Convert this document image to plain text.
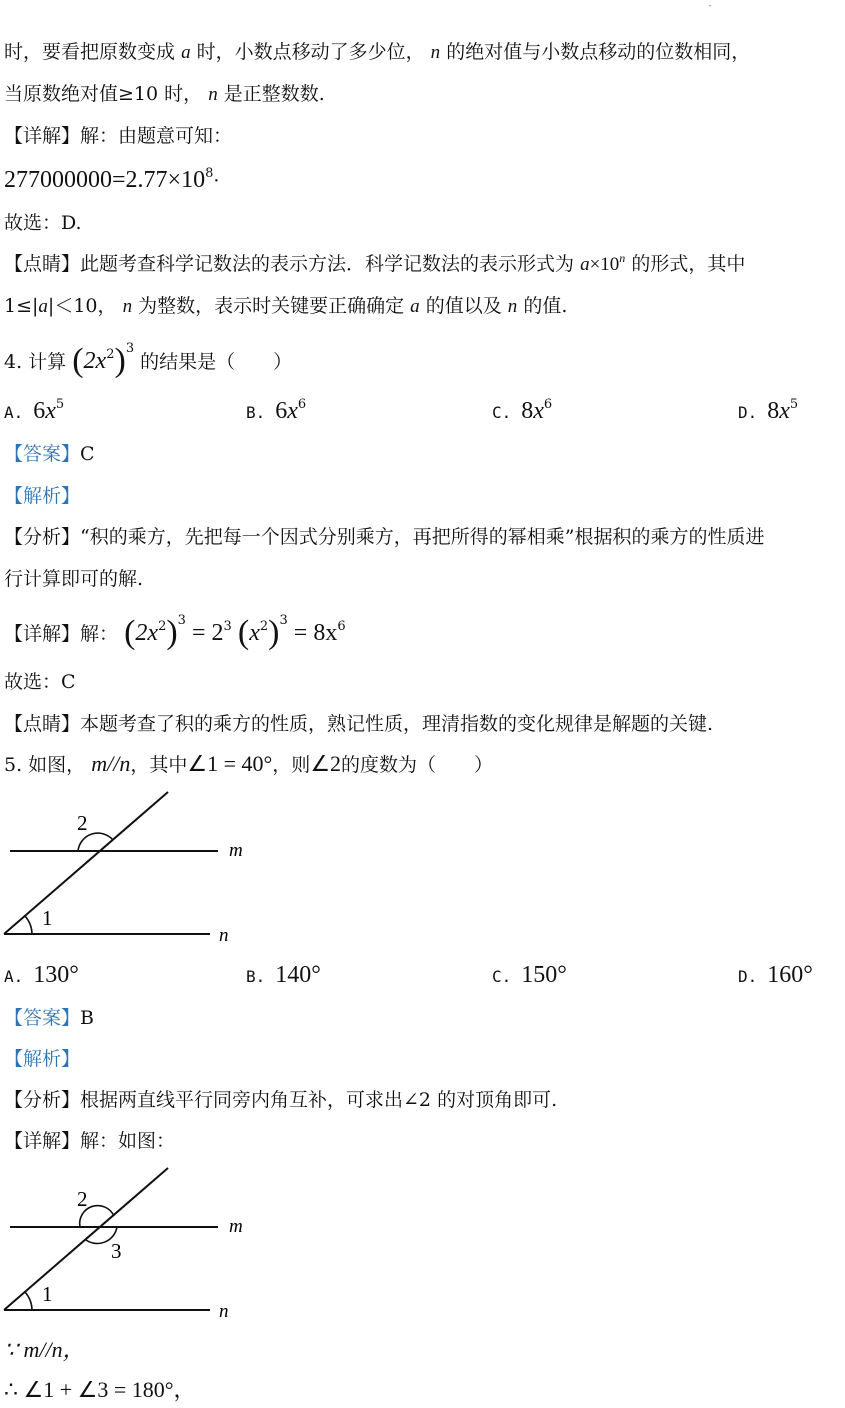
·
时，要看把原数变成 a 时，小数点移动了多少位， n 的绝对值与小数点移动的位数相同，
当原数绝对值≥10 时， n 是正整数数.
【详解】解：由题意可知：
$277000000=2.77\times 10^8\cdot$
故选：D.
【点睛】此题考查科学记数法的表示方法．科学记数法的表示形式为 $a\times 10^n$ 的形式，其中
1≤|a|＜10， n 为整数，表示时关键要正确确定 a 的值以及 n 的值.
4. 计算 $(2x^2)^3$ 的结果是（　　）
A. $6x^5$	B. $6x^6$	C. $8x^6$	D. $8x^5$
【答案】C
【解析】
【分析】“积的乘方，先把每一个因式分别乘方，再把所得的幂相乘”根据积的乘方的性质进
行计算即可的解.
【详解】解： $(2x^2)^3 = 2^3$ $(x^2)^3 = 8x^6$
故选：C
【点睛】本题考查了积的乘方的性质，熟记性质，理清指数的变化规律是解题的关键.
5. 如图， m//n，其中∠1 = 40°，则∠2的度数为（　　）
2
1
m
n
A. 130°	B. 140°	C. 150°	D. 160°
【答案】B
【解析】
【分析】根据两直线平行同旁内角互补，可求出∠2 的对顶角即可.
【详解】解：如图：
2
3
1
m
n
∵ m//n，
∴ ∠1 + ∠3 = 180°，
